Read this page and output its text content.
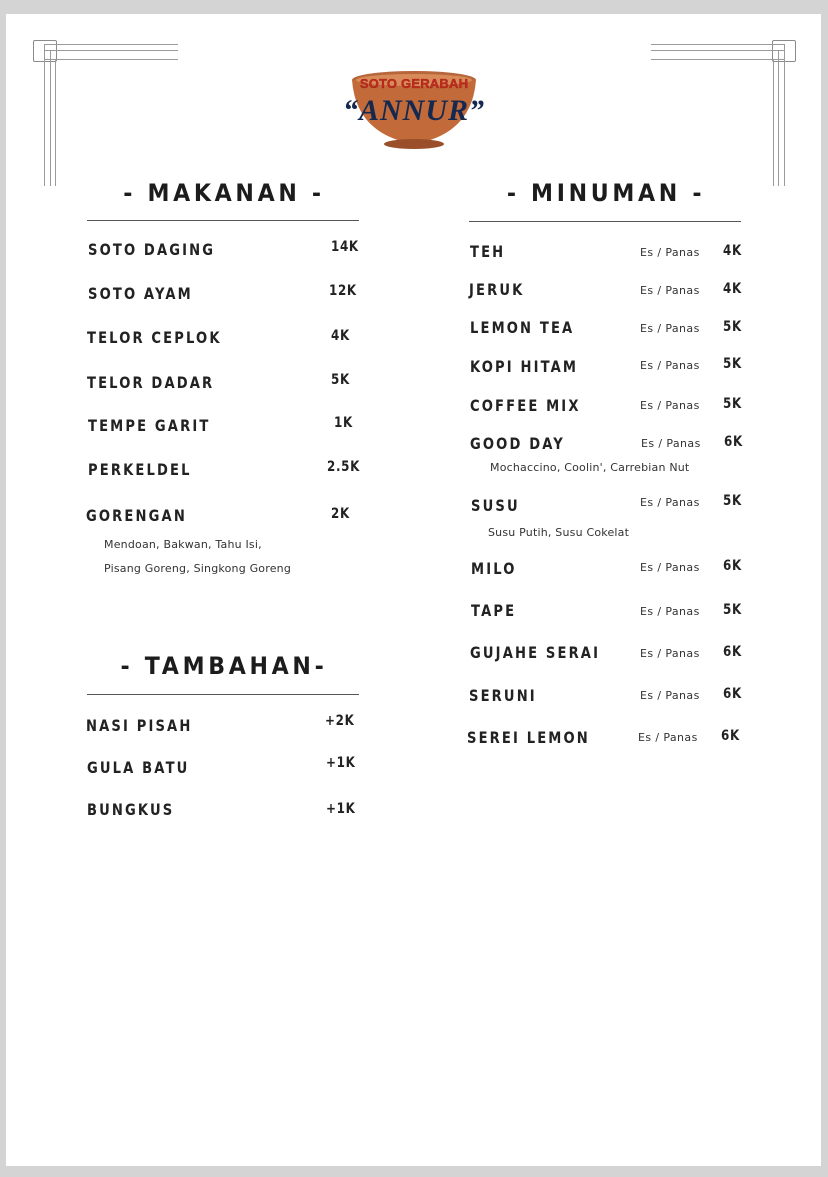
SOTO GERABAH
“ANNUR”
- MAKANAN -
SOTO DAGING	14K
SOTO AYAM	12K
TELOR CEPLOK	4K
TELOR DADAR	5K
TEMPE GARIT	1K
PERKELDEL	2.5K
GORENGAN	2K
Mendoan, Bakwan, Tahu Isi,
Pisang Goreng, Singkong Goreng
- TAMBAHAN-
NASI PISAH	+2K
GULA BATU	+1K
BUNGKUS	+1K
- MINUMAN -
TEH	Es / Panas 4K
JERUK	Es / Panas 4K
LEMON TEA	Es / Panas 5K
KOPI HITAM	Es / Panas 5K
COFFEE MIX	Es / Panas 5K
GOOD DAY	Es / Panas 6K
Mochaccino, Coolin', Carrebian Nut
SUSU	Es / Panas 5K
Susu Putih, Susu Cokelat
MILO	Es / Panas 6K
TAPE	Es / Panas 5K
GUJAHE SERAI	Es / Panas 6K
SERUNI	Es / Panas 6K
SEREI LEMON	Es / Panas 6K
